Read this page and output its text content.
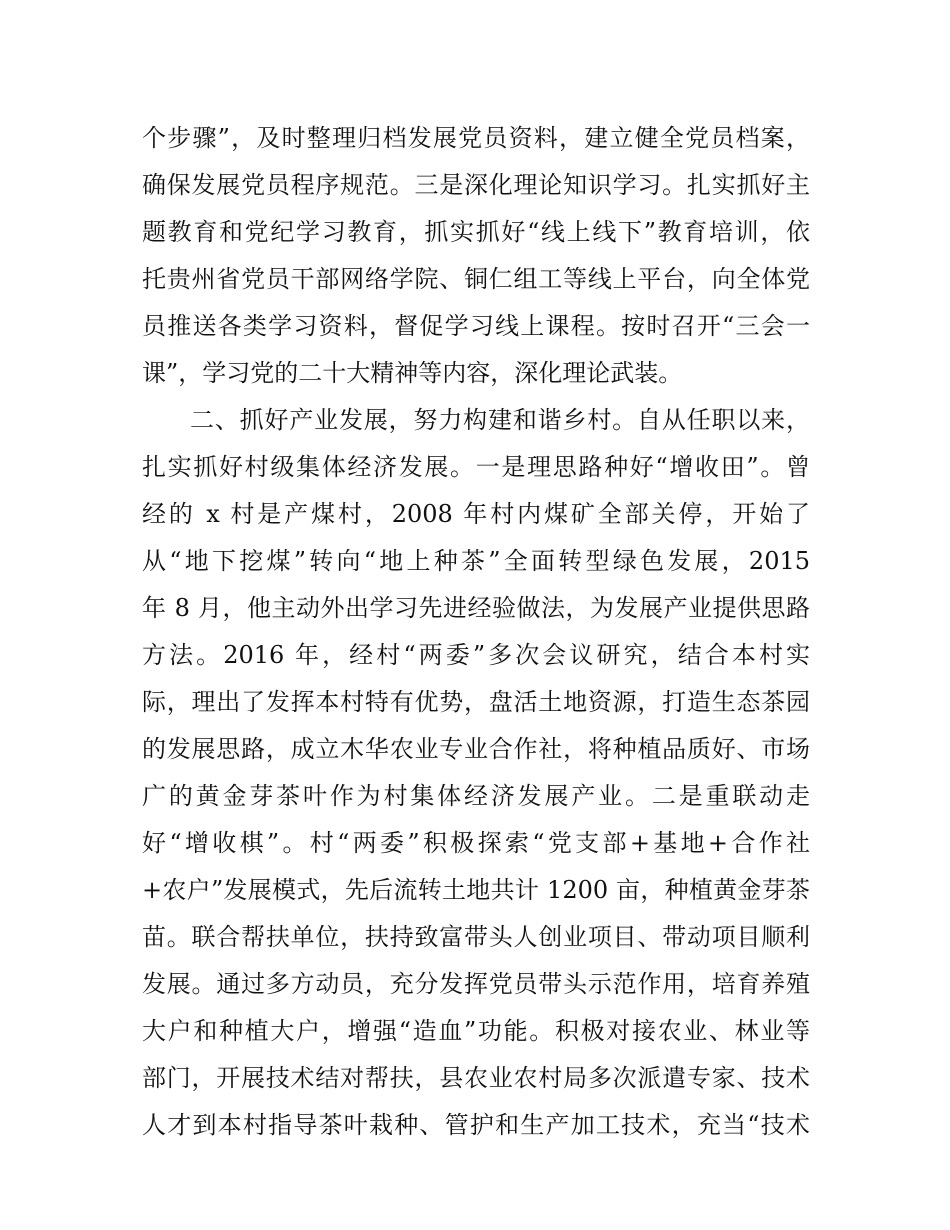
个步骤”，及时整理归档发展党员资料，建立健全党员档案，
确保发展党员程序规范。三是深化理论知识学习。扎实抓好主
题教育和党纪学习教育，抓实抓好“线上线下”教育培训，依
托贵州省党员干部网络学院、铜仁组工等线上平台，向全体党
员推送各类学习资料，督促学习线上课程。按时召开“三会一
课”，学习党的二十大精神等内容，深化理论武装。
二、抓好产业发展，努力构建和谐乡村。自从任职以来，
扎实抓好村级集体经济发展。一是理思路种好“增收田”。曾
经的 x 村是产煤村，2008 年村内煤矿全部关停，开始了
从“地下挖煤”转向“地上种茶”全面转型绿色发展，2015
年 8 月，他主动外出学习先进经验做法，为发展产业提供思路
方法。2016 年，经村“两委”多次会议研究，结合本村实
际，理出了发挥本村特有优势，盘活土地资源，打造生态茶园
的发展思路，成立木华农业专业合作社，将种植品质好、市场
广的黄金芽茶叶作为村集体经济发展产业。二是重联动走
好“增收棋”。村“两委”积极探索“党支部+基地+合作社
+农户”发展模式，先后流转土地共计 1200 亩，种植黄金芽茶
苗。联合帮扶单位，扶持致富带头人创业项目、带动项目顺利
发展。通过多方动员，充分发挥党员带头示范作用，培育养殖
大户和种植大户，增强“造血”功能。积极对接农业、林业等
部门，开展技术结对帮扶，县农业农村局多次派遣专家、技术
人才到本村指导茶叶栽种、管护和生产加工技术，充当“技术
